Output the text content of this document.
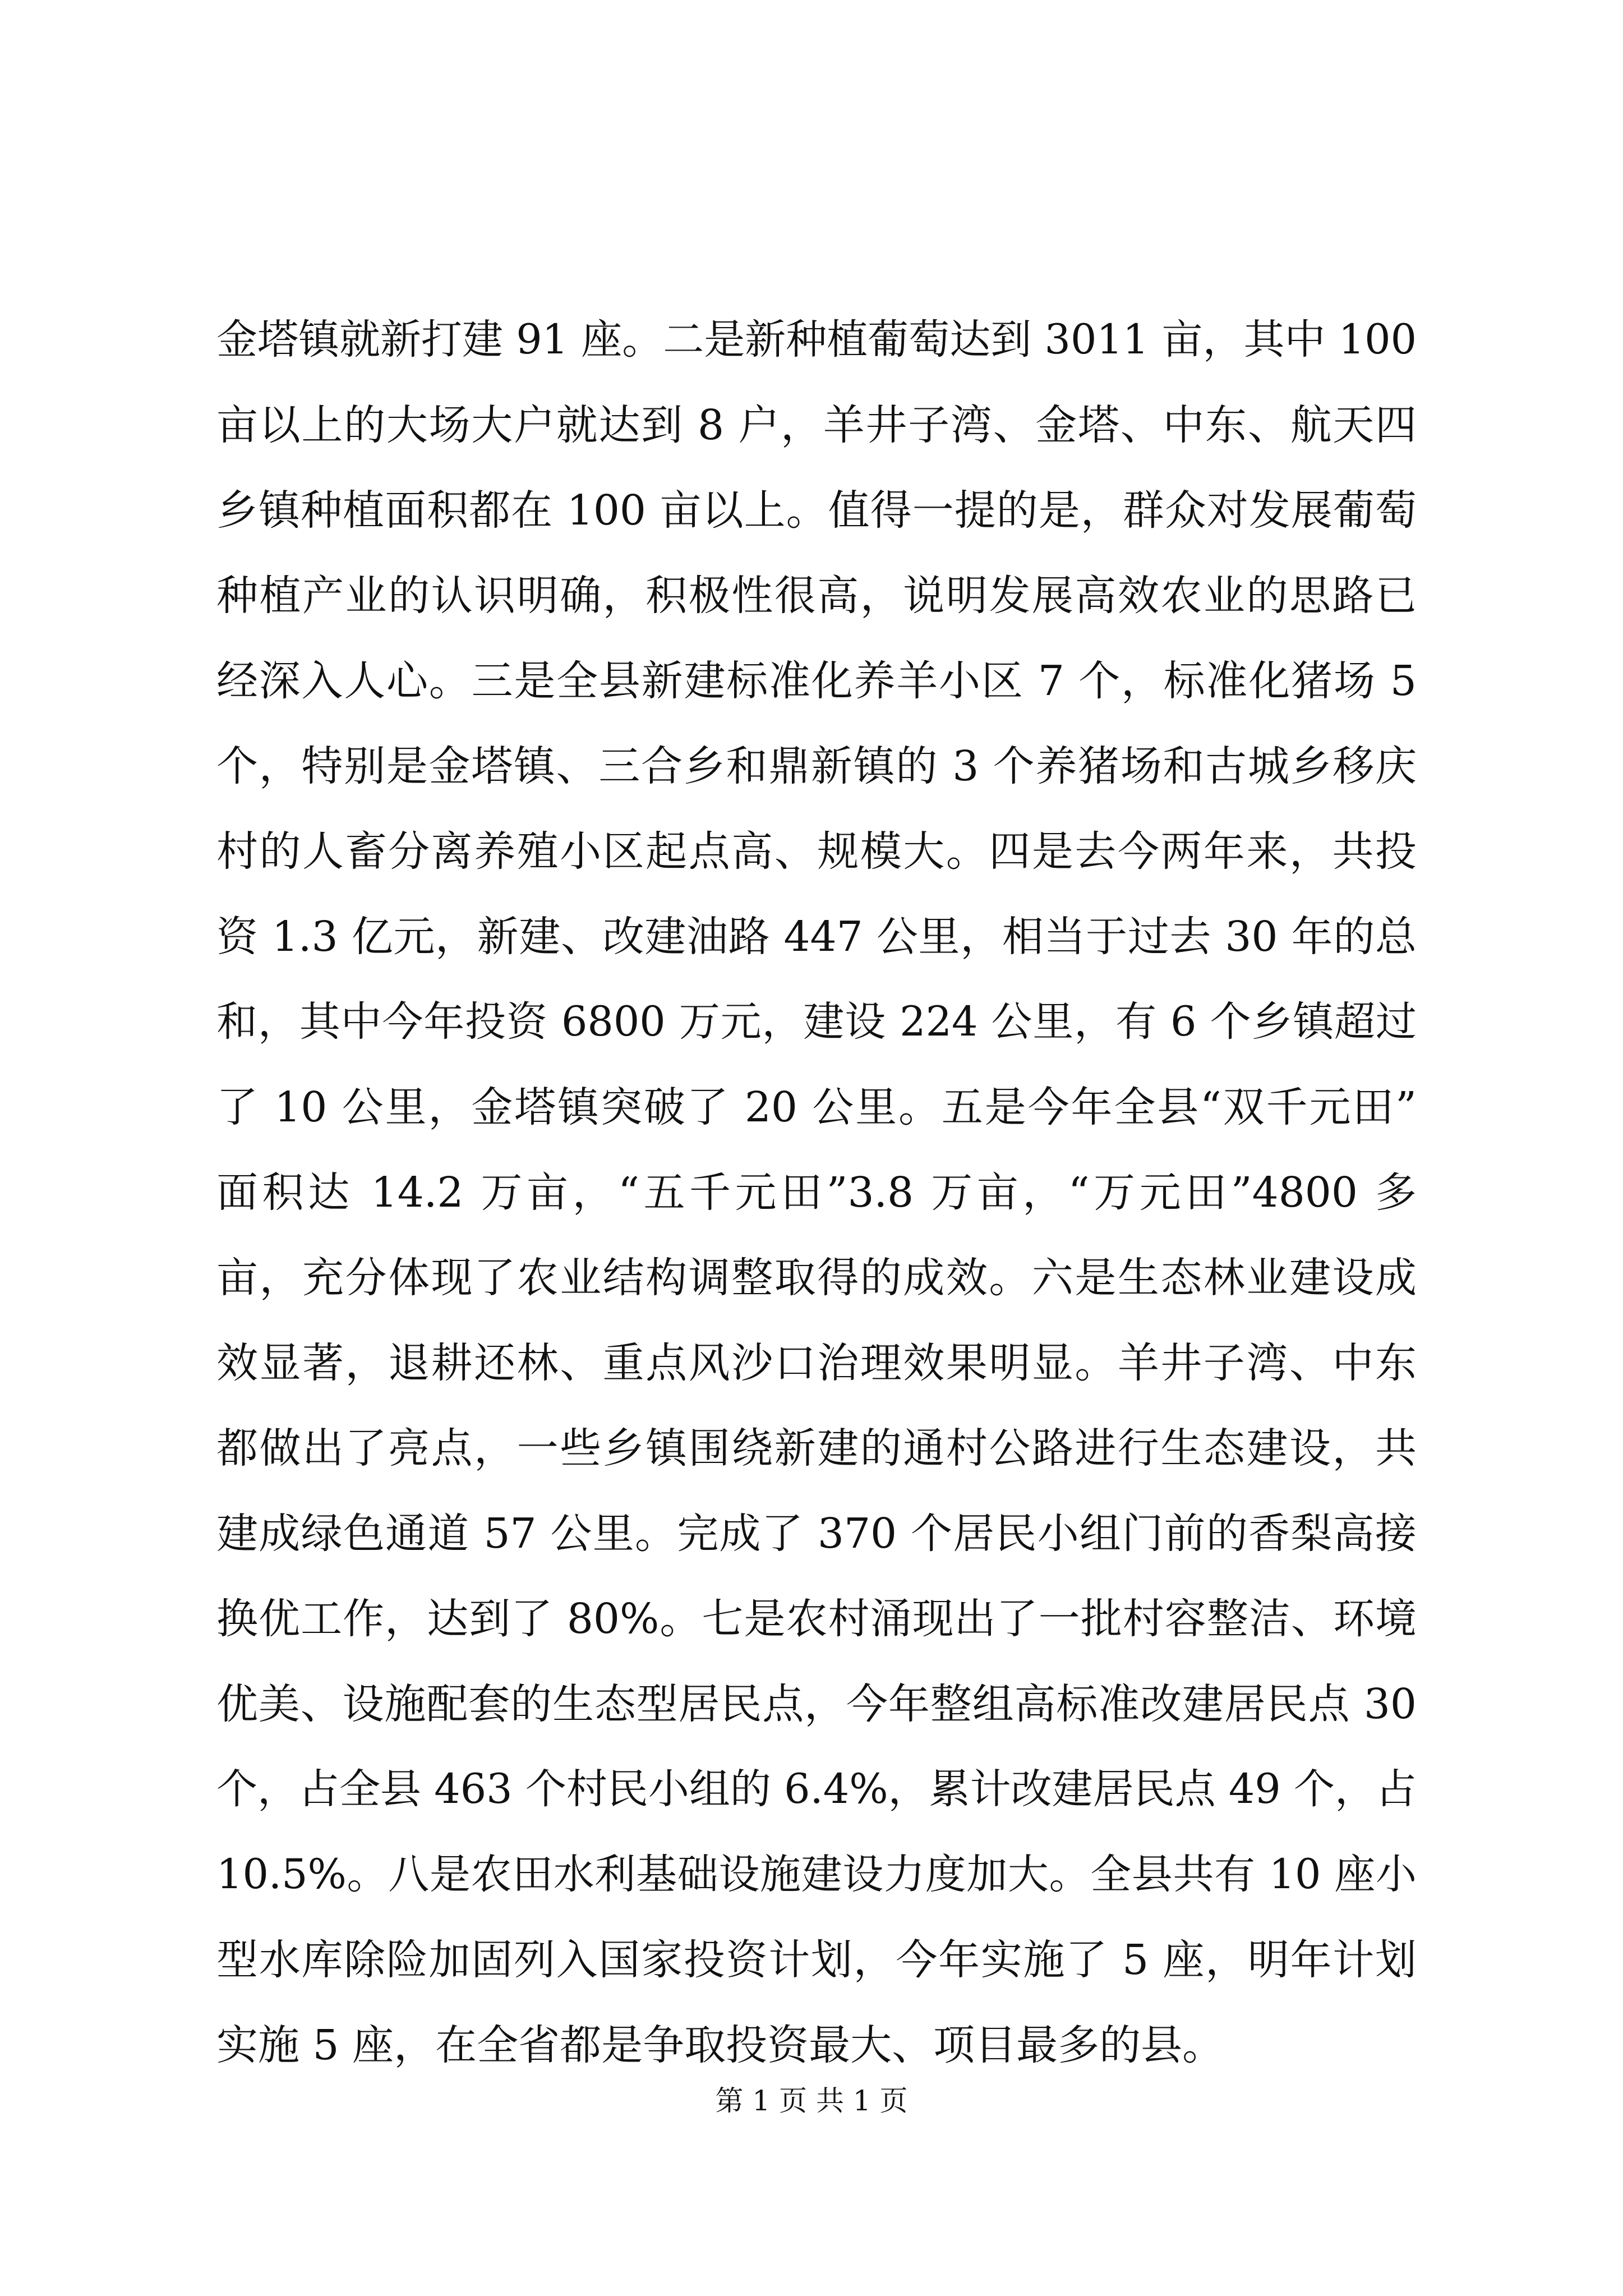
金塔镇就新打建 91 座。二是新种植葡萄达到 3011 亩，其中 100
亩以上的大场大户就达到 8 户，羊井子湾、金塔、中东、航天四
乡镇种植面积都在 100 亩以上。值得一提的是，群众对发展葡萄
种植产业的认识明确，积极性很高，说明发展高效农业的思路已
经深入人心。三是全县新建标准化养羊小区 7 个，标准化猪场 5
个，特别是金塔镇、三合乡和鼎新镇的 3 个养猪场和古城乡移庆
村的人畜分离养殖小区起点高、规模大。四是去今两年来，共投
资 1.3 亿元，新建、改建油路 447 公里，相当于过去 30 年的总
和，其中今年投资 6800 万元，建设 224 公里，有 6 个乡镇超过
了 10 公里，金塔镇突破了 20 公里。五是今年全县“双千元田”
面积达 14.2 万亩，“五千元田”3.8 万亩，“万元田”4800 多
亩，充分体现了农业结构调整取得的成效。六是生态林业建设成
效显著，退耕还林、重点风沙口治理效果明显。羊井子湾、中东
都做出了亮点，一些乡镇围绕新建的通村公路进行生态建设，共
建成绿色通道 57 公里。完成了 370 个居民小组门前的香梨高接
换优工作，达到了 80%。七是农村涌现出了一批村容整洁、环境
优美、设施配套的生态型居民点，今年整组高标准改建居民点 30
个，占全县 463 个村民小组的 6.4%，累计改建居民点 49 个，占
10.5%。八是农田水利基础设施建设力度加大。全县共有 10 座小
型水库除险加固列入国家投资计划，今年实施了 5 座，明年计划
实施 5 座，在全省都是争取投资最大、项目最多的县。
第 1 页 共 1 页
